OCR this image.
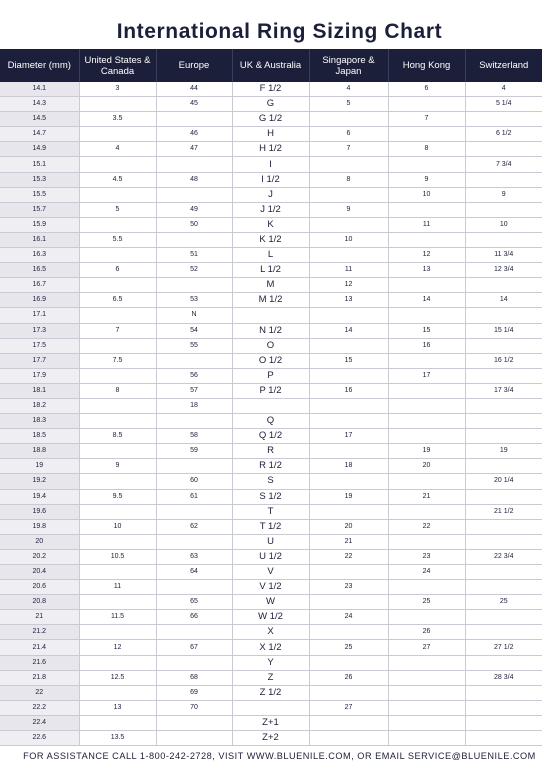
International Ring Sizing Chart
Diameter (mm)	United States & Canada	Europe	UK & Australia	Singapore & Japan	Hong Kong	Switzerland
14.1	3	44	F 1/2	4	6	4
14.3		45	G	5		5 1/4
14.5	3.5		G 1/2		7	
14.7		46	H	6		6 1/2
14.9	4	47	H 1/2	7	8	
15.1			I			7 3/4
15.3	4.5	48	I 1/2	8	9	
15.5			J		10	9
15.7	5	49	J 1/2	9		
15.9		50	K		11	10
16.1	5.5		K 1/2	10		
16.3		51	L		12	11 3/4
16.5	6	52	L 1/2	11	13	12 3/4
16.7			M	12		
16.9	6.5	53	M 1/2	13	14	14
17.1		N				
17.3	7	54	N 1/2	14	15	15 1/4
17.5		55	O		16	
17.7	7.5		O 1/2	15		16 1/2
17.9		56	P		17	
18.1	8	57	P 1/2	16		17 3/4
18.2		18				
18.3			Q			
18.5	8.5	58	Q 1/2	17		
18.8		59	R		19	19
19	9		R 1/2	18	20	
19.2		60	S			20 1/4
19.4	9.5	61	S 1/2	19	21	
19.6			T			21 1/2
19.8	10	62	T 1/2	20	22	
20			U	21		
20.2	10.5	63	U 1/2	22	23	22 3/4
20.4		64	V		24	
20.6	11		V 1/2	23		
20.8		65	W		25	25
21	11.5	66	W 1/2	24		
21.2			X		26	
21.4	12	67	X 1/2	25	27	27 1/2
21.6			Y			
21.8	12.5	68	Z	26		28 3/4
22		69	Z 1/2			
22.2	13	70		27		
22.4			Z+1			
22.6	13.5		Z+2			
FOR ASSISTANCE CALL 1-800-242-2728, VISIT WWW.BLUENILE.COM, OR EMAIL SERVICE@BLUENILE.COM
